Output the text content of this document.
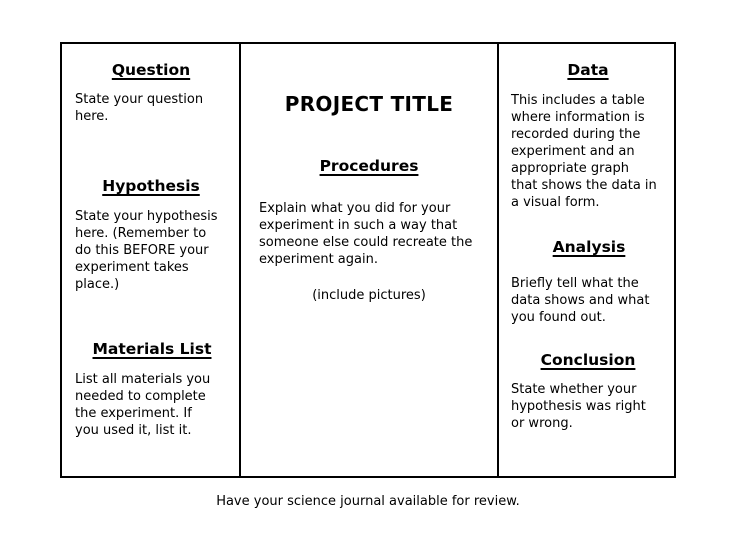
Question
State your question
here.
Hypothesis
State your hypothesis
here. (Remember to
do this BEFORE your
experiment takes
place.)
Materials List
List all materials you
needed to complete
the experiment. If
you used it, list it.
PROJECT TITLE
Procedures
Explain what you did for your
experiment in such a way that
someone else could recreate the
experiment again.
(include pictures)
Data
This includes a table
where information is
recorded during the
experiment and an
appropriate graph
that shows the data in
a visual form.
Analysis
Briefly tell what the
data shows and what
you found out.
Conclusion
State whether your
hypothesis was right
or wrong.
Have your science journal available for review.
